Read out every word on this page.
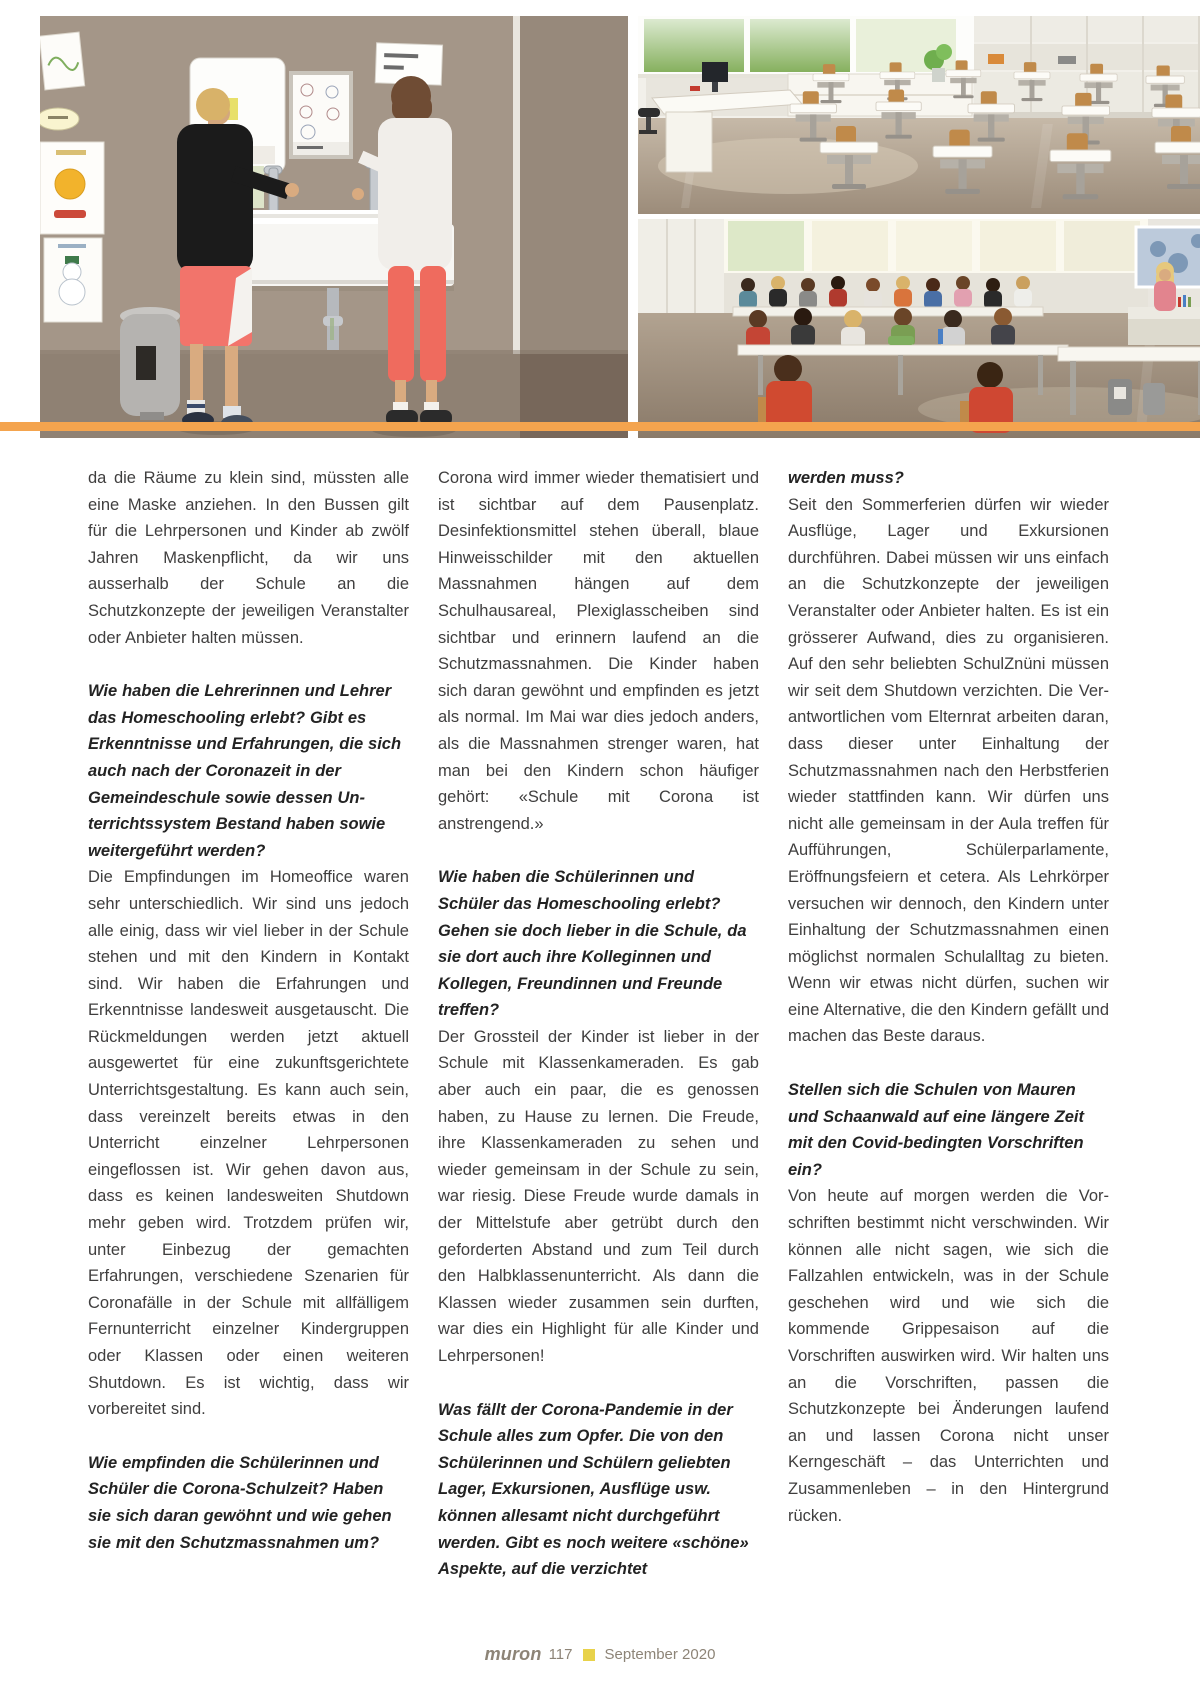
da die Räume zu klein sind, müssten alle eine Maske anziehen. In den Bussen gilt für die Lehrpersonen und Kinder ab zwölf Jahren Maskenpflicht, da wir uns ausserhalb der Schule an die Schutzkonzepte der jeweiligen Veranstalter oder Anbieter halten müssen.

Wie haben die Lehrerinnen und Lehrer das Homeschooling erlebt? Gibt es Erkenntnisse und Erfahrungen, die sich auch nach der Coronazeit in der Gemeindeschule sowie dessen Unterrichtssystem Bestand haben sowie weitergeführt werden?

Die Empfindungen im Homeoffice waren sehr unterschiedlich. Wir sind uns jedoch alle einig, dass wir viel lieber in der Schule stehen und mit den Kindern in Kontakt sind. Wir haben die Erfahrungen und Erkenntnisse landesweit ausgetauscht. Die Rückmeldungen werden jetzt aktuell ausgewertet für eine zukunftsgerichtete Unterrichtsgestaltung. Es kann auch sein, dass vereinzelt bereits etwas in den Unterricht einzelner Lehrpersonen eingeflossen ist. Wir gehen davon aus, dass es keinen landesweiten Shutdown mehr geben wird. Trotzdem prüfen wir, unter Einbezug der gemachten Erfahrungen, verschiedene Szenarien für Coronafälle in der Schule mit allfälligem Fernunterricht einzelner Kindergruppen oder Klassen oder einen weiteren Shutdown. Es ist wichtig, dass wir vorbereitet sind.

Wie empfinden die Schülerinnen und Schüler die Corona-Schulzeit? Haben sie sich daran gewöhnt und wie gehen sie mit den Schutzmassnahmen um?

Corona wird immer wieder thematisiert und ist sichtbar auf dem Pausenplatz. Desinfektionsmittel stehen überall, blaue Hinweisschilder mit den aktuellen Massnahmen hängen auf dem Schulhausareal, Plexiglasscheiben sind sichtbar und erinnern laufend an die Schutzmassnahmen. Die Kinder haben sich daran gewöhnt und empfinden es jetzt als normal. Im Mai war dies jedoch anders, als die Massnahmen strenger waren, hat man bei den Kindern schon häufiger gehört: «Schule mit Corona ist anstrengend.»

Wie haben die Schülerinnen und Schüler das Homeschooling erlebt? Gehen sie doch lieber in die Schule, da sie dort auch ihre Kolleginnen und Kollegen, Freundinnen und Freunde treffen?

Der Grossteil der Kinder ist lieber in der Schule mit Klassenkameraden. Es gab aber auch ein paar, die es genossen haben, zu Hause zu lernen. Die Freude, ihre Klassenkameraden zu sehen und wieder gemeinsam in der Schule zu sein, war riesig. Diese Freude wurde damals in der Mittelstufe aber getrübt durch den geforderten Abstand und zum Teil durch den Halbklassenunterricht. Als dann die Klassen wieder zusammen sein durften, war dies ein Highlight für alle Kinder und Lehrpersonen!

Was fällt der Corona-Pandemie in der Schule alles zum Opfer. Die von den Schülerinnen und Schülern geliebten Lager, Exkursionen, Ausflüge usw. können allesamt nicht durchgeführt werden. Gibt es noch weitere «schöne» Aspekte, auf die verzichtet

werden muss?

Seit den Sommerferien dürfen wir wieder Ausflüge, Lager und Exkursionen durchführen. Dabei müssen wir uns einfach an die Schutzkonzepte der jeweiligen Veranstalter oder Anbieter halten. Es ist ein grösserer Aufwand, dies zu organisieren. Auf den sehr beliebten SchulZnüni müssen wir seit dem Shutdown verzichten. Die Verantwortlichen vom Elternrat arbeiten daran, dass dieser unter Einhaltung der Schutzmassnahmen nach den Herbstferien wieder stattfinden kann. Wir dürfen uns nicht alle gemeinsam in der Aula treffen für Aufführungen, Schülerparlamente, Eröffnungsfeiern et cetera. Als Lehrkörper versuchen wir dennoch, den Kindern unter Einhaltung der Schutzmassnahmen einen möglichst normalen Schulalltag zu bieten. Wenn wir etwas nicht dürfen, suchen wir eine Alternative, die den Kindern gefällt und machen das Beste daraus.

Stellen sich die Schulen von Mauren und Schaanwald auf eine längere Zeit mit den Covid-bedingten Vorschriften ein?

Von heute auf morgen werden die Vorschriften bestimmt nicht verschwinden. Wir können alle nicht sagen, wie sich die Fallzahlen entwickeln, was in der Schule geschehen wird und wie sich die kommende Grippesaison auf die Vorschriften auswirken wird. Wir halten uns an die Vorschriften, passen die Schutzkonzepte bei Änderungen laufend an und lassen Corona nicht unser Kerngeschäft – das Unterrichten und Zusammenleben – in den Hintergrund rücken.

muron 117 September 2020
